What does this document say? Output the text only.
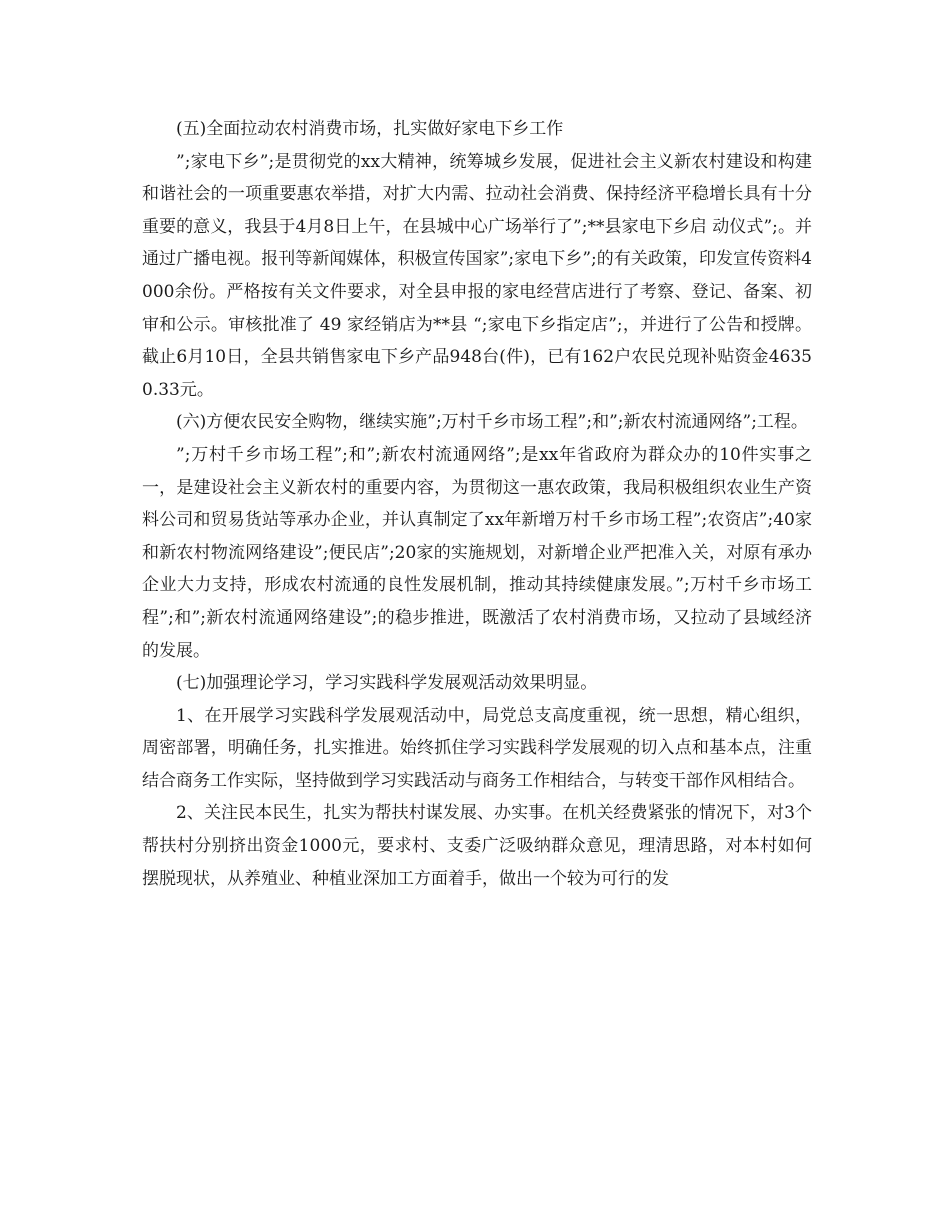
(五)全面拉动农村消费市场，扎实做好家电下乡工作

”;家电下乡”;是贯彻党的xx大精神，统筹城乡发展，促进社会主义新农村建设和构建和谐社会的一项重要惠农举措，对扩大内需、拉动社会消费、保持经济平稳增长具有十分重要的意义，我县于4月8日上午，在县城中心广场举行了”;**县家电下乡启 动仪式”;。并通过广播电视。报刊等新闻媒体，积极宣传国家”;家电下乡”;的有关政策，印发宣传资料4000余份。严格按有关文件要求，对全县申报的家电经营店进行了考察、登记、备案、初审和公示。审核批准了 49 家经销店为**县 “;家电下乡指定店”;，并进行了公告和授牌。截止6月10日，全县共销售家电下乡产品948台(件)，已有162户农民兑现补贴资金46350.33元。

(六)方便农民安全购物，继续实施”;万村千乡市场工程”;和”;新农村流通网络”;工程。

”;万村千乡市场工程”;和”;新农村流通网络”;是xx年省政府为群众办的10件实事之一，是建设社会主义新农村的重要内容，为贯彻这一惠农政策，我局积极组织农业生产资料公司和贸易货站等承办企业，并认真制定了xx年新增万村千乡市场工程”;农资店”;40家和新农村物流网络建设”;便民店”;20家的实施规划，对新增企业严把准入关，对原有承办企业大力支持，形成农村流通的良性发展机制，推动其持续健康发展。”;万村千乡市场工程”;和”;新农村流通网络建设”;的稳步推进，既激活了农村消费市场，又拉动了县域经济的发展。

(七)加强理论学习，学习实践科学发展观活动效果明显。

1、在开展学习实践科学发展观活动中，局党总支高度重视，统一思想，精心组织，周密部署，明确任务，扎实推进。始终抓住学习实践科学发展观的切入点和基本点，注重结合商务工作实际，坚持做到学习实践活动与商务工作相结合，与转变干部作风相结合。

2、关注民本民生，扎实为帮扶村谋发展、办实事。在机关经费紧张的情况下，对3个帮扶村分别挤出资金1000元，要求村、支委广泛吸纳群众意见，理清思路，对本村如何摆脱现状，从养殖业、种植业深加工方面着手，做出一个较为可行的发
